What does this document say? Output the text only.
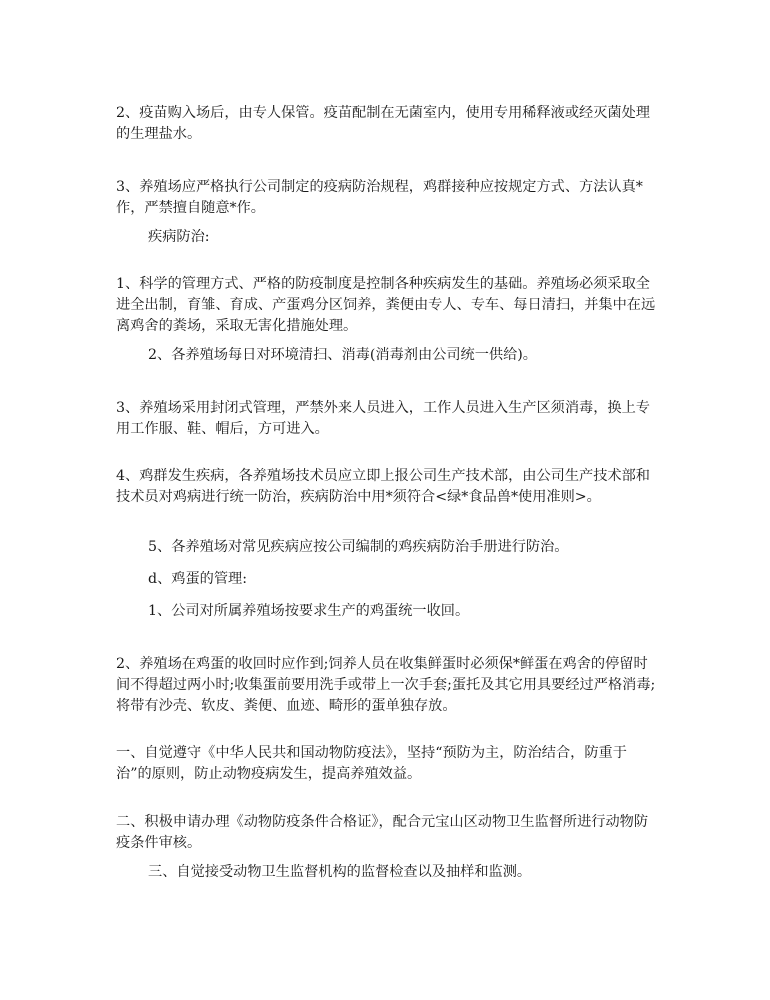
2、疫苗购入场后，由专人保管。疫苗配制在无菌室内，使用专用稀释液或经灭菌处理的生理盐水。

3、养殖场应严格执行公司制定的疫病防治规程，鸡群接种应按规定方式、方法认真*作，严禁擅自随意*作。

疾病防治:

1、科学的管理方式、严格的防疫制度是控制各种疾病发生的基础。养殖场必须采取全进全出制，育雏、育成、产蛋鸡分区饲养，粪便由专人、专车、每日清扫，并集中在远离鸡舍的粪场，采取无害化措施处理。

2、各养殖场每日对环境清扫、消毒(消毒剂由公司统一供给)。

3、养殖场采用封闭式管理，严禁外来人员进入，工作人员进入生产区须消毒，换上专用工作服、鞋、帽后，方可进入。

4、鸡群发生疾病，各养殖场技术员应立即上报公司生产技术部，由公司生产技术部和技术员对鸡病进行统一防治，疾病防治中用*须符合<绿*食品兽*使用准则>。

5、各养殖场对常见疾病应按公司编制的鸡疾病防治手册进行防治。

d、鸡蛋的管理:

1、公司对所属养殖场按要求生产的鸡蛋统一收回。

2、养殖场在鸡蛋的收回时应作到;饲养人员在收集鲜蛋时必须保*鲜蛋在鸡舍的停留时间不得超过两小时;收集蛋前要用洗手或带上一次手套;蛋托及其它用具要经过严格消毒;将带有沙壳、软皮、粪便、血迹、畸形的蛋单独存放。

一、自觉遵守《中华人民共和国动物防疫法》，坚持“预防为主，防治结合，防重于治”的原则，防止动物疫病发生，提高养殖效益。

二、积极申请办理《动物防疫条件合格证》，配合元宝山区动物卫生监督所进行动物防疫条件审核。

三、自觉接受动物卫生监督机构的监督检查以及抽样和监测。
